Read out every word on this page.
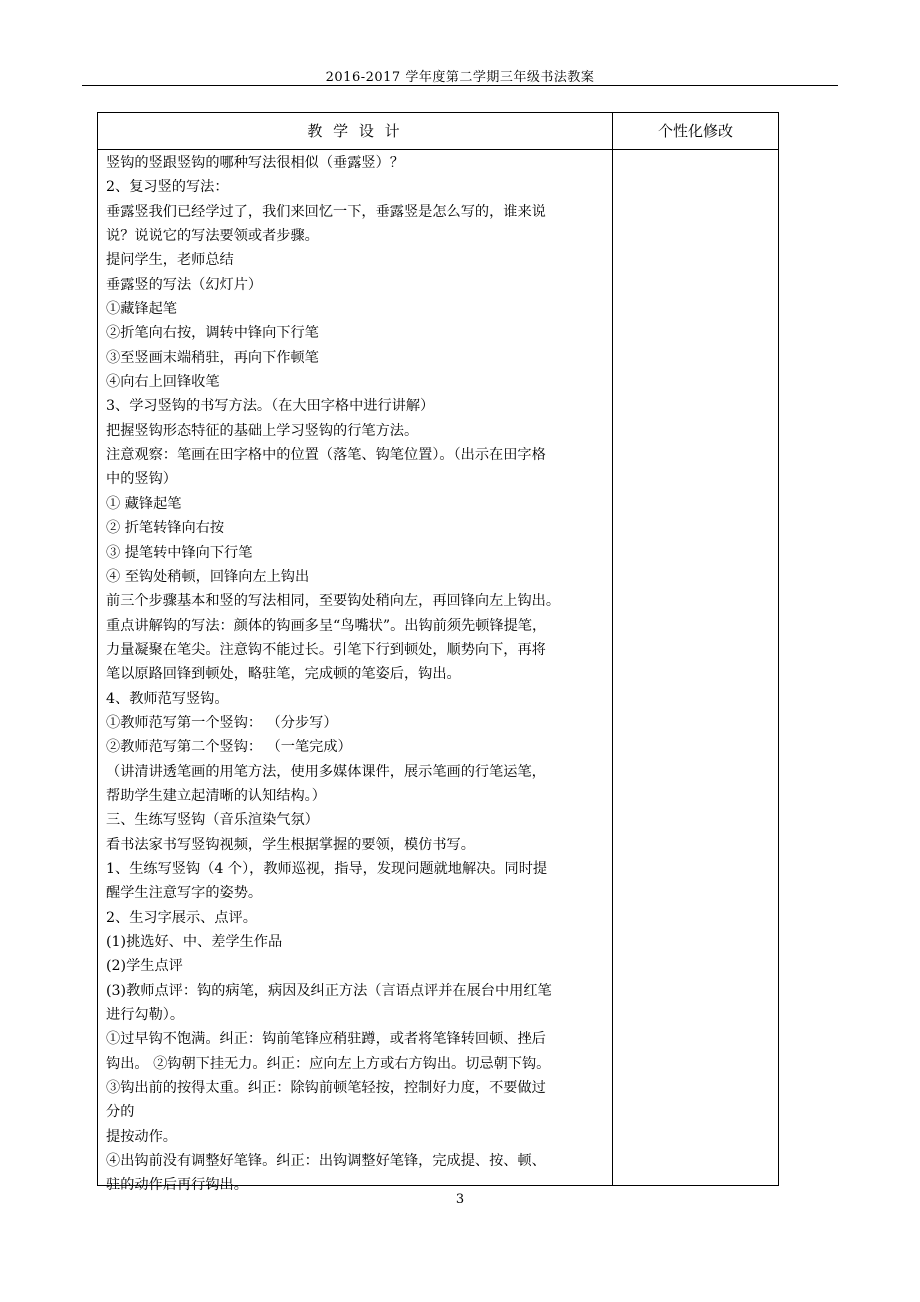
2016-2017 学年度第二学期三年级书法教案
教 学 设 计	个性化修改
竖钩的竖跟竖钩的哪种写法很相似（垂露竖）？
2、复习竖的写法：
垂露竖我们已经学过了，我们来回忆一下，垂露竖是怎么写的，谁来说
说？说说它的写法要领或者步骤。
提问学生，老师总结
垂露竖的写法（幻灯片）
①藏锋起笔
②折笔向右按，调转中锋向下行笔
③至竖画末端稍驻，再向下作顿笔
④向右上回锋收笔
3、学习竖钩的书写方法。（在大田字格中进行讲解）
把握竖钩形态特征的基础上学习竖钩的行笔方法。
注意观察：笔画在田字格中的位置（落笔、钩笔位置）。（出示在田字格
中的竖钩）
① 藏锋起笔
② 折笔转锋向右按
③ 提笔转中锋向下行笔
④ 至钩处稍顿，回锋向左上钩出
前三个步骤基本和竖的写法相同，至要钩处稍向左，再回锋向左上钩出。
重点讲解钩的写法：颜体的钩画多呈“鸟嘴状”。出钩前须先顿锋提笔，
力量凝聚在笔尖。注意钩不能过长。引笔下行到顿处，顺势向下，再将
笔以原路回锋到顿处，略驻笔，完成顿的笔姿后，钩出。
4、教师范写竖钩。
①教师范写第一个竖钩： （分步写）
②教师范写第二个竖钩： （一笔完成）
（讲清讲透笔画的用笔方法，使用多媒体课件，展示笔画的行笔运笔，
帮助学生建立起清晰的认知结构。）
三、生练写竖钩（音乐渲染气氛）
看书法家书写竖钩视频，学生根据掌握的要领，模仿书写。
1、生练写竖钩（4 个），教师巡视，指导，发现问题就地解决。同时提
醒学生注意写字的姿势。
2、生习字展示、点评。
(1)挑选好、中、差学生作品
(2)学生点评
(3)教师点评：钩的病笔，病因及纠正方法（言语点评并在展台中用红笔
进行勾勒）。
①过早钩不饱满。纠正：钩前笔锋应稍驻蹲，或者将笔锋转回顿、挫后
钩出。 ②钩朝下挂无力。纠正：应向左上方或右方钩出。切忌朝下钩。
③钩出前的按得太重。纠正：除钩前顿笔轻按，控制好力度，不要做过
分的
提按动作。
④出钩前没有调整好笔锋。纠正：出钩调整好笔锋，完成提、按、顿、
驻的动作后再行钩出。
3
